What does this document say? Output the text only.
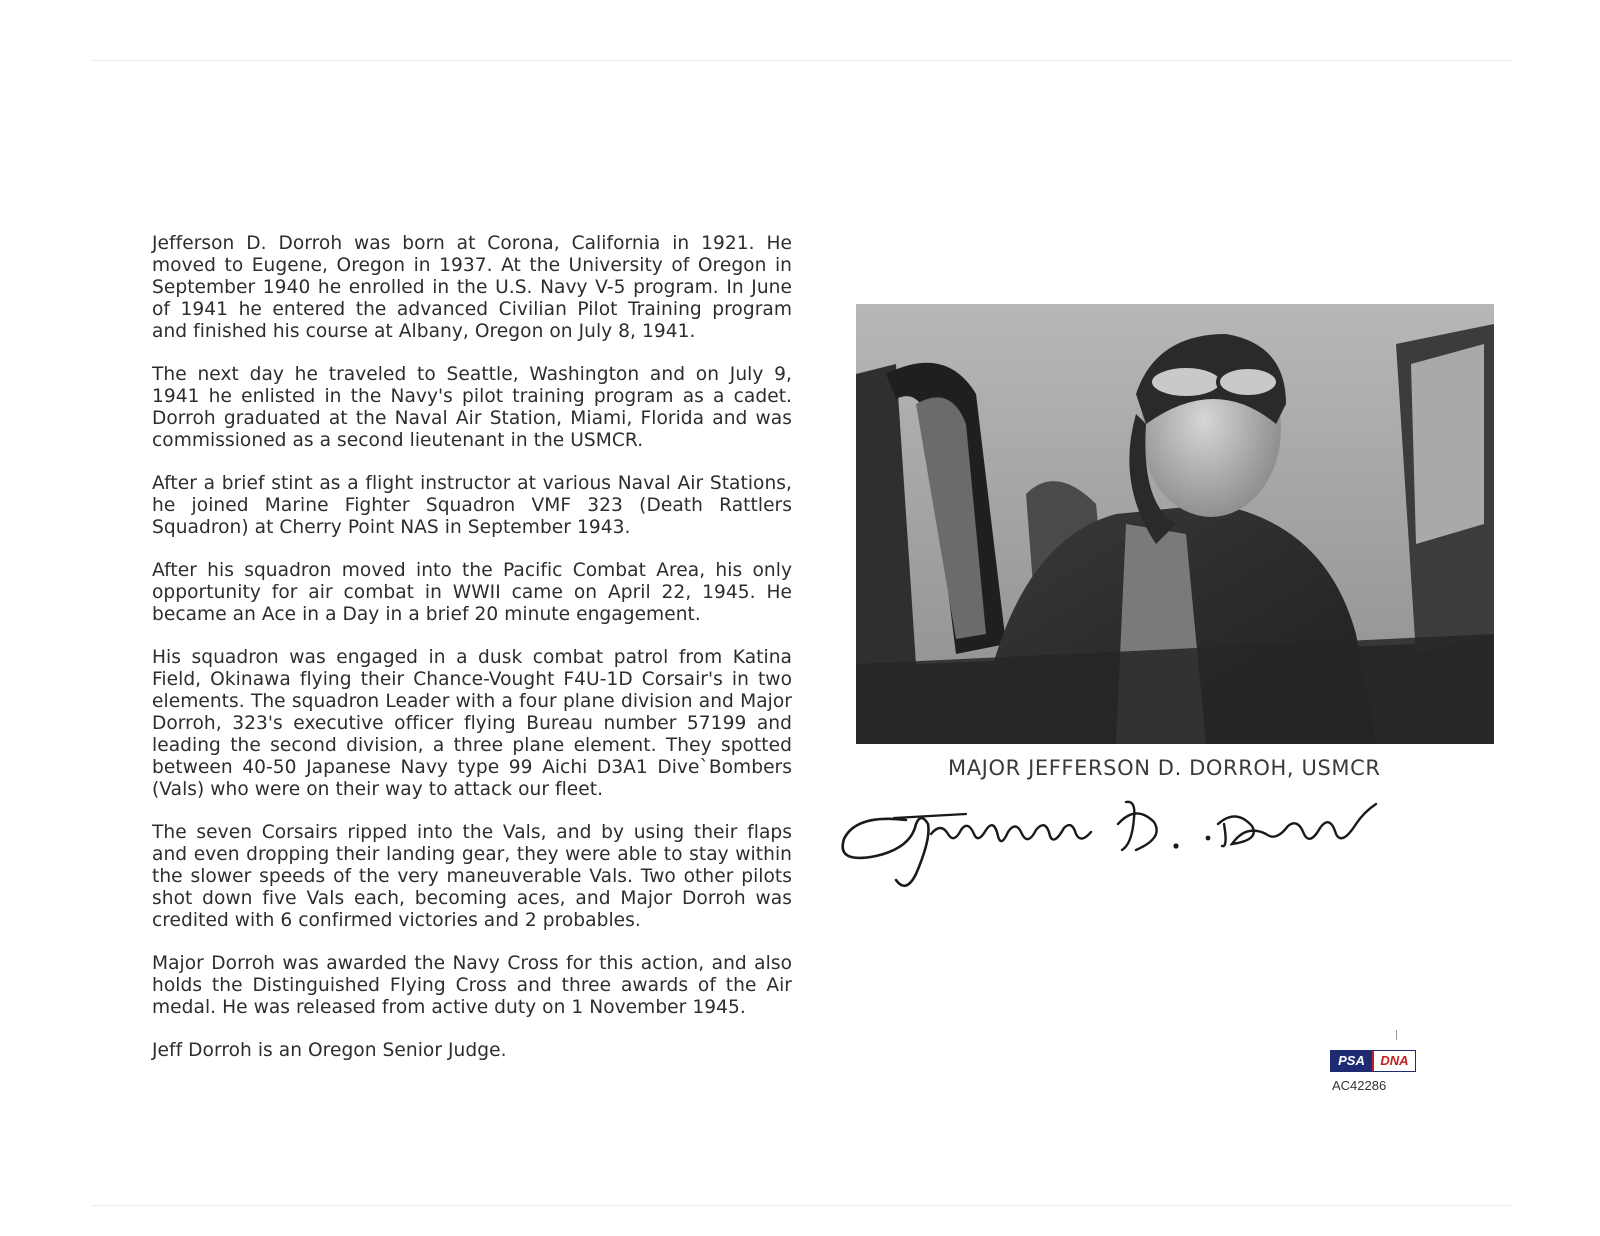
Jefferson D. Dorroh was born at Corona, California in 1921. He moved to Eugene, Oregon in 1937. At the University of Oregon in September 1940 he enrolled in the U.S. Navy V-5 program. In June of 1941 he entered the advanced Civilian Pilot Training program and finished his course at Albany, Oregon on July 8, 1941.

The next day he traveled to Seattle, Washington and on July 9, 1941 he enlisted in the Navy's pilot training program as a cadet. Dorroh graduated at the Naval Air Station, Miami, Florida and was commissioned as a second lieutenant in the USMCR.

After a brief stint as a flight instructor at various Naval Air Stations, he joined Marine Fighter Squadron VMF 323 (Death Rattlers Squadron) at Cherry Point NAS in September 1943.

After his squadron moved into the Pacific Combat Area, his only opportunity for air combat in WWII came on April 22, 1945. He became an Ace in a Day in a brief 20 minute engagement.

His squadron was engaged in a dusk combat patrol from Katina Field, Okinawa flying their Chance-Vought F4U-1D Corsair's in two elements. The squadron Leader with a four plane division and Major Dorroh, 323's executive officer flying Bureau number 57199 and leading the second division, a three plane element. They spotted between 40-50 Japanese Navy type 99 Aichi D3A1 Dive`Bombers (Vals) who were on their way to attack our fleet.

The seven Corsairs ripped into the Vals, and by using their flaps and even dropping their landing gear, they were able to stay within the slower speeds of the very maneuverable Vals. Two other pilots shot down five Vals each, becoming aces, and Major Dorroh was credited with 6 confirmed victories and 2 probables.

Major Dorroh was awarded the Navy Cross for this action, and also holds the Distinguished Flying Cross and three awards of the Air medal. He was released from active duty on 1 November 1945.

Jeff Dorroh is an Oregon Senior Judge.

MAJOR JEFFERSON D. DORROH, USMCR
PSA	DNA
AC42286
